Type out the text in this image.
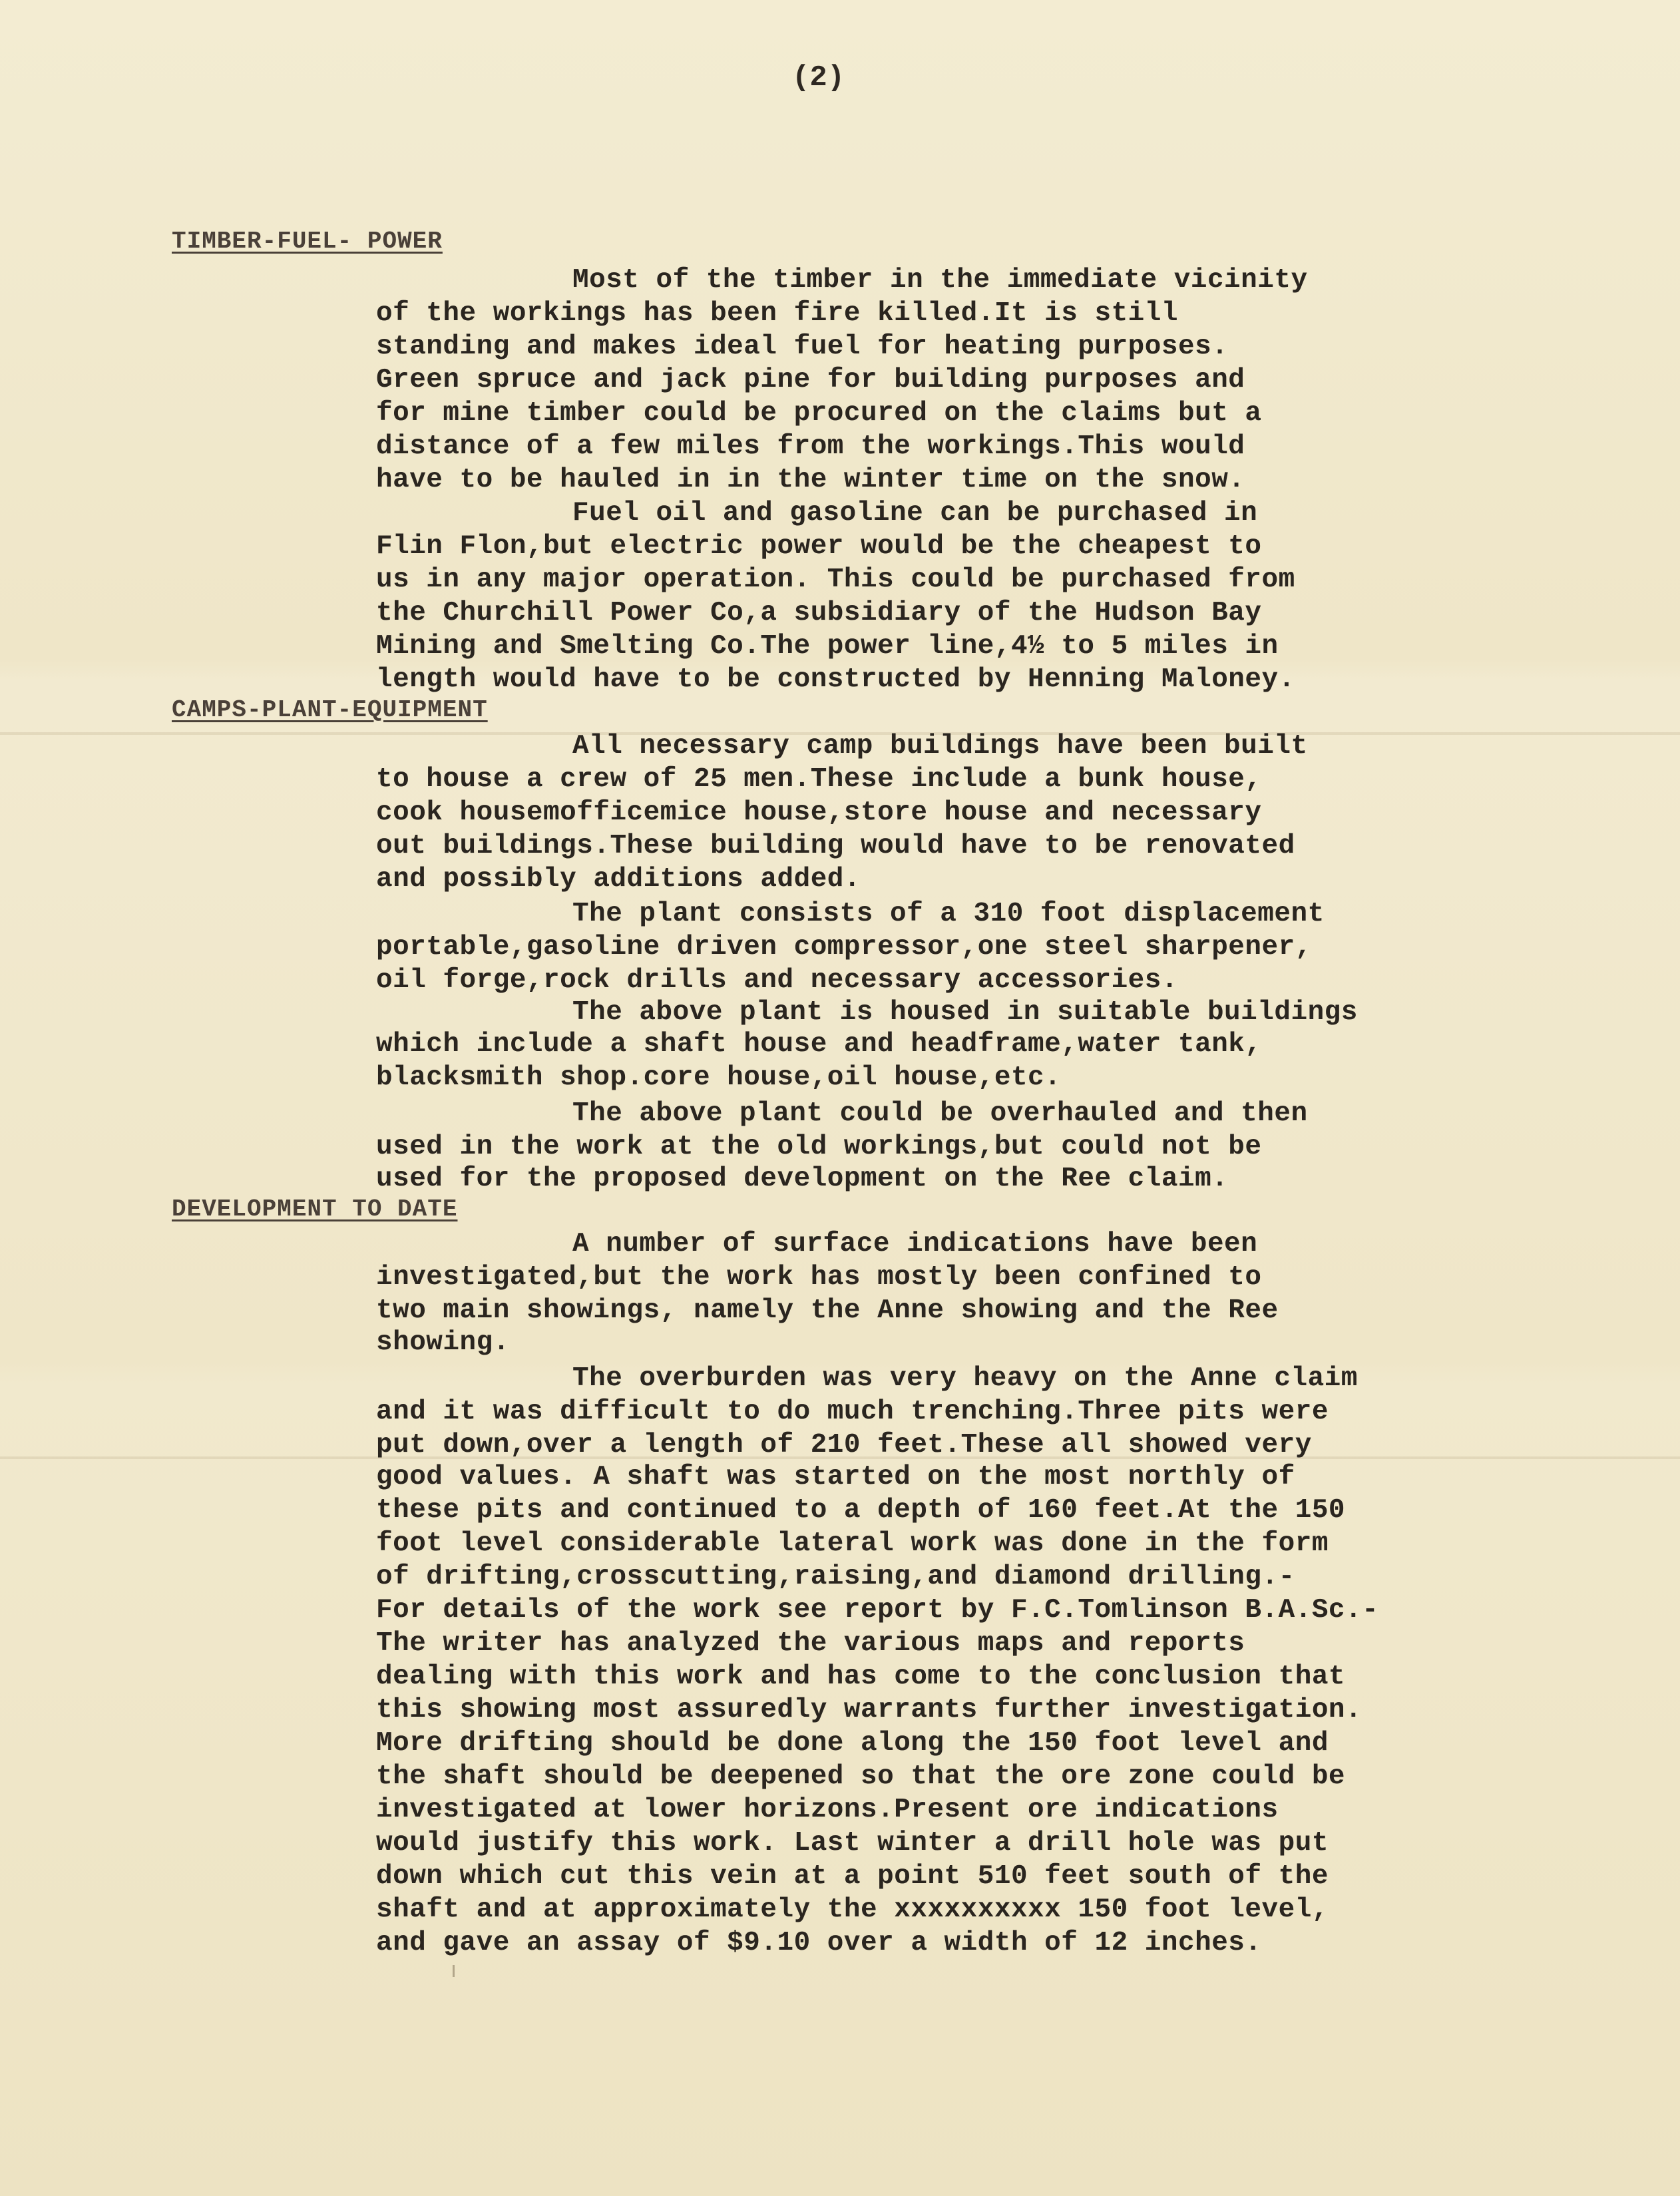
(2)
TIMBER-FUEL- POWER
Most of the timber in the immediate vicinity
of the workings has been fire killed.It is still
standing and makes ideal fuel for heating purposes.
Green spruce and jack pine for building purposes and
for mine timber could be procured on the claims but a
distance of a few miles from the workings.This would
have to be hauled in in the winter time on the snow.
Fuel oil and gasoline can be purchased in
Flin Flon,but electric power would be the cheapest to
us in any major operation. This could be purchased from
the Churchill Power Co,a subsidiary of the Hudson Bay
Mining and Smelting Co.The power line,4½ to 5 miles in
length would have to be constructed by Henning Maloney.
CAMPS-PLANT-EQUIPMENT
All necessary camp buildings have been built
to house a crew of 25 men.These include a bunk house,
cook housemofficemice house,store house and necessary
out buildings.These building would have to be renovated
and possibly additions added.
The plant consists of a 310 foot displacement
portable,gasoline driven compressor,one steel sharpener,
oil forge,rock drills and necessary accessories.
The above plant is housed in suitable buildings
which include a shaft house and headframe,water tank,
blacksmith shop.core house,oil house,etc.
The above plant could be overhauled and then
used in the work at the old workings,but could not be
used for the proposed development on the Ree claim.
DEVELOPMENT TO DATE
A number of surface indications have been
investigated,but the work has mostly been confined to
two main showings, namely the Anne showing and the Ree
showing.
The overburden was very heavy on the Anne claim
and it was difficult to do much trenching.Three pits were
put down,over a length of 210 feet.These all showed very
good values. A shaft was started on the most northly of
these pits and continued to a depth of 160 feet.At the 150
foot level considerable lateral work was done in the form
of drifting,crosscutting,raising,and diamond drilling.-
For details of the work see report by F.C.Tomlinson B.A.Sc.-
The writer has analyzed the various maps and reports
dealing with this work and has come to the conclusion that
this showing most assuredly warrants further investigation.
More drifting should be done along the 150 foot level and
the shaft should be deepened so that the ore zone could be
investigated at lower horizons.Present ore indications
would justify this work. Last winter a drill hole was put
down which cut this vein at a point 510 feet south of the
shaft and at approximately the xxxxxxxxxx 150 foot level,
and gave an assay of $9.10 over a width of 12 inches.
